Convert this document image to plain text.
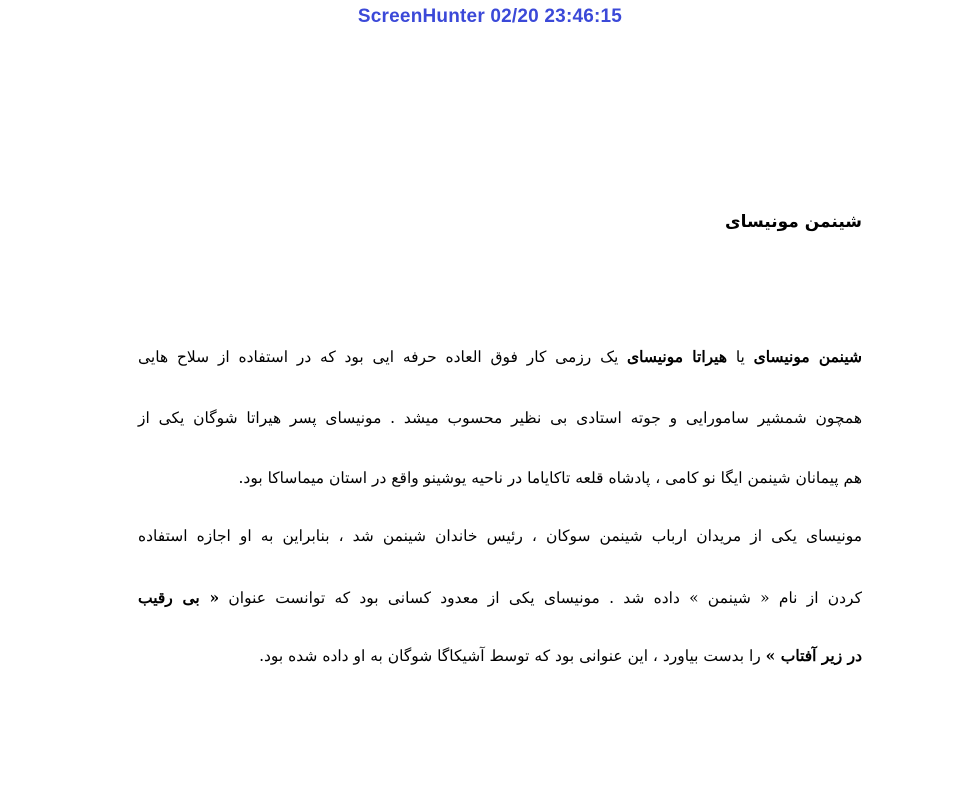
ScreenHunter 02/20 23:46:15
شینمن مونیسای
شینمن مونیسای یا هیراتا مونیسای یک رزمی کار فوق العاده حرفه ایی بود که در استفاده از سلاح هایی
همچون شمشیر سامورایی و جوته استادی بی نظیر محسوب میشد . مونیسای پسر هیراتا شوگان یکی از
هم پیمانان شینمن ایگا نو کامی ، پادشاه قلعه تاکایاما در ناحیه یوشینو واقع در استان میماساکا بود.
مونیسای یکی از مریدان ارباب شینمن سوکان ، رئیس خاندان شینمن شد ، بنابراین به او اجازه استفاده
کردن از نام « شینمن » داده شد . مونیسای یکی از معدود کسانی بود که توانست عنوان « بی رقیب
در زیر آفتاب » را بدست بیاورد ، این عنوانی بود که توسط آشیکاگا شوگان به او داده شده بود.
